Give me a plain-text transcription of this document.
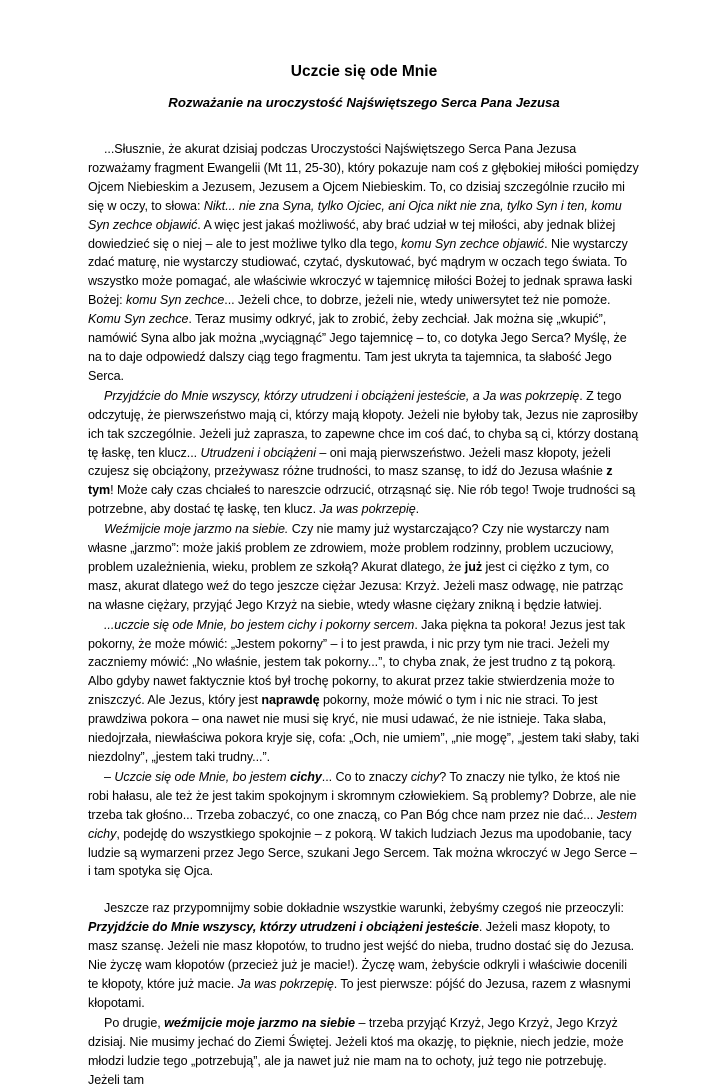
Uczcie się ode Mnie
Rozważanie na uroczystość Najświętszego Serca Pana Jezusa

...Słusznie, że akurat dzisiaj podczas Uroczystości Najświętszego Serca Pana Jezusa rozważamy fragment Ewangelii (Mt 11, 25-30), który pokazuje nam coś z głębokiej miłości pomiędzy Ojcem Niebieskim a Jezusem, Jezusem a Ojcem Niebieskim. To, co dzisiaj szczególnie rzuciło mi się w oczy, to słowa: Nikt... nie zna Syna, tylko Ojciec, ani Ojca nikt nie zna, tylko Syn i ten, komu Syn zechce objawić. A więc jest jakaś możliwość, aby brać udział w tej miłości, aby jednak bliżej dowiedzieć się o niej – ale to jest możliwe tylko dla tego, komu Syn zechce objawić. Nie wystarczy zdać maturę, nie wystarczy studiować, czytać, dyskutować, być mądrym w oczach tego świata. To wszystko może pomagać, ale właściwie wkroczyć w tajemnicę miłości Bożej to jednak sprawa łaski Bożej: komu Syn zechce... Jeżeli chce, to dobrze, jeżeli nie, wtedy uniwersytet też nie pomoże. Komu Syn zechce. Teraz musimy odkryć, jak to zrobić, żeby zechciał. Jak można się „wkupić”, namówić Syna albo jak można „wyciągnąć” Jego tajemnicę – to, co dotyka Jego Serca? Myślę, że na to daje odpowiedź dalszy ciąg tego fragmentu. Tam jest ukryta ta tajemnica, ta słabość Jego Serca.

Przyjdźcie do Mnie wszyscy, którzy utrudzeni i obciążeni jesteście, a Ja was pokrzepię. Z tego odczytuję, że pierwszeństwo mają ci, którzy mają kłopoty. Jeżeli nie byłoby tak, Jezus nie zaprosiłby ich tak szczególnie. Jeżeli już zaprasza, to zapewne chce im coś dać, to chyba są ci, którzy dostaną tę łaskę, ten klucz... Utrudzeni i obciążeni – oni mają pierwszeństwo. Jeżeli masz kłopoty, jeżeli czujesz się obciążony, przeżywasz różne trudności, to masz szansę, to idź do Jezusa właśnie z tym! Może cały czas chciałeś to nareszcie odrzucić, otrząsnąć się. Nie rób tego! Twoje trudności są potrzebne, aby dostać tę łaskę, ten klucz. Ja was pokrzepię.

Weźmijcie moje jarzmo na siebie. Czy nie mamy już wystarczająco? Czy nie wystarczy nam własne „jarzmo”: może jakiś problem ze zdrowiem, może problem rodzinny, problem uczuciowy, problem uzależnienia, wieku, problem ze szkołą? Akurat dlatego, że już jest ci ciężko z tym, co masz, akurat dlatego weź do tego jeszcze ciężar Jezusa: Krzyż. Jeżeli masz odwagę, nie patrząc na własne ciężary, przyjąć Jego Krzyż na siebie, wtedy własne ciężary znikną i będzie łatwiej.

...uczcie się ode Mnie, bo jestem cichy i pokorny sercem. Jaka piękna ta pokora! Jezus jest tak pokorny, że może mówić: „Jestem pokorny” – i to jest prawda, i nic przy tym nie traci. Jeżeli my zaczniemy mówić: „No właśnie, jestem tak pokorny...”, to chyba znak, że jest trudno z tą pokorą. Albo gdyby nawet faktycznie ktoś był trochę pokorny, to akurat przez takie stwierdzenia może to zniszczyć. Ale Jezus, który jest naprawdę pokorny, może mówić o tym i nic nie straci. To jest prawdziwa pokora – ona nawet nie musi się kryć, nie musi udawać, że nie istnieje. Taka słaba, niedojrzała, niewłaściwa pokora kryje się, cofa: „Och, nie umiem”, „nie mogę”, „jestem taki słaby, taki niezdolny”, „jestem taki trudny...”.

– Uczcie się ode Mnie, bo jestem cichy... Co to znaczy cichy? To znaczy nie tylko, że ktoś nie robi hałasu, ale też że jest takim spokojnym i skromnym człowiekiem. Są problemy? Dobrze, ale nie trzeba tak głośno... Trzeba zobaczyć, co one znaczą, co Pan Bóg chce nam przez nie dać... Jestem cichy, podejdę do wszystkiego spokojnie – z pokorą. W takich ludziach Jezus ma upodobanie, tacy ludzie są wymarzeni przez Jego Serce, szukani Jego Sercem. Tak można wkroczyć w Jego Serce – i tam spotyka się Ojca.

Jeszcze raz przypomnijmy sobie dokładnie wszystkie warunki, żebyśmy czegoś nie przeoczyli: Przyjdźcie do Mnie wszyscy, którzy utrudzeni i obciążeni jesteście. Jeżeli masz kłopoty, to masz szansę. Jeżeli nie masz kłopotów, to trudno jest wejść do nieba, trudno dostać się do Jezusa. Nie życzę wam kłopotów (przecież już je macie!). Życzę wam, żebyście odkryli i właściwie docenili te kłopoty, które już macie. Ja was pokrzepię. To jest pierwsze: pójść do Jezusa, razem z własnymi kłopotami.

Po drugie, weźmijcie moje jarzmo na siebie – trzeba przyjąć Krzyż, Jego Krzyż, Jego Krzyż dzisiaj. Nie musimy jechać do Ziemi Świętej. Jeżeli ktoś ma okazję, to pięknie, niech jedzie, może młodzi ludzie tego „potrzebują”, ale ja nawet już nie mam na to ochoty, już tego nie potrzebuję. Jeżeli tam
